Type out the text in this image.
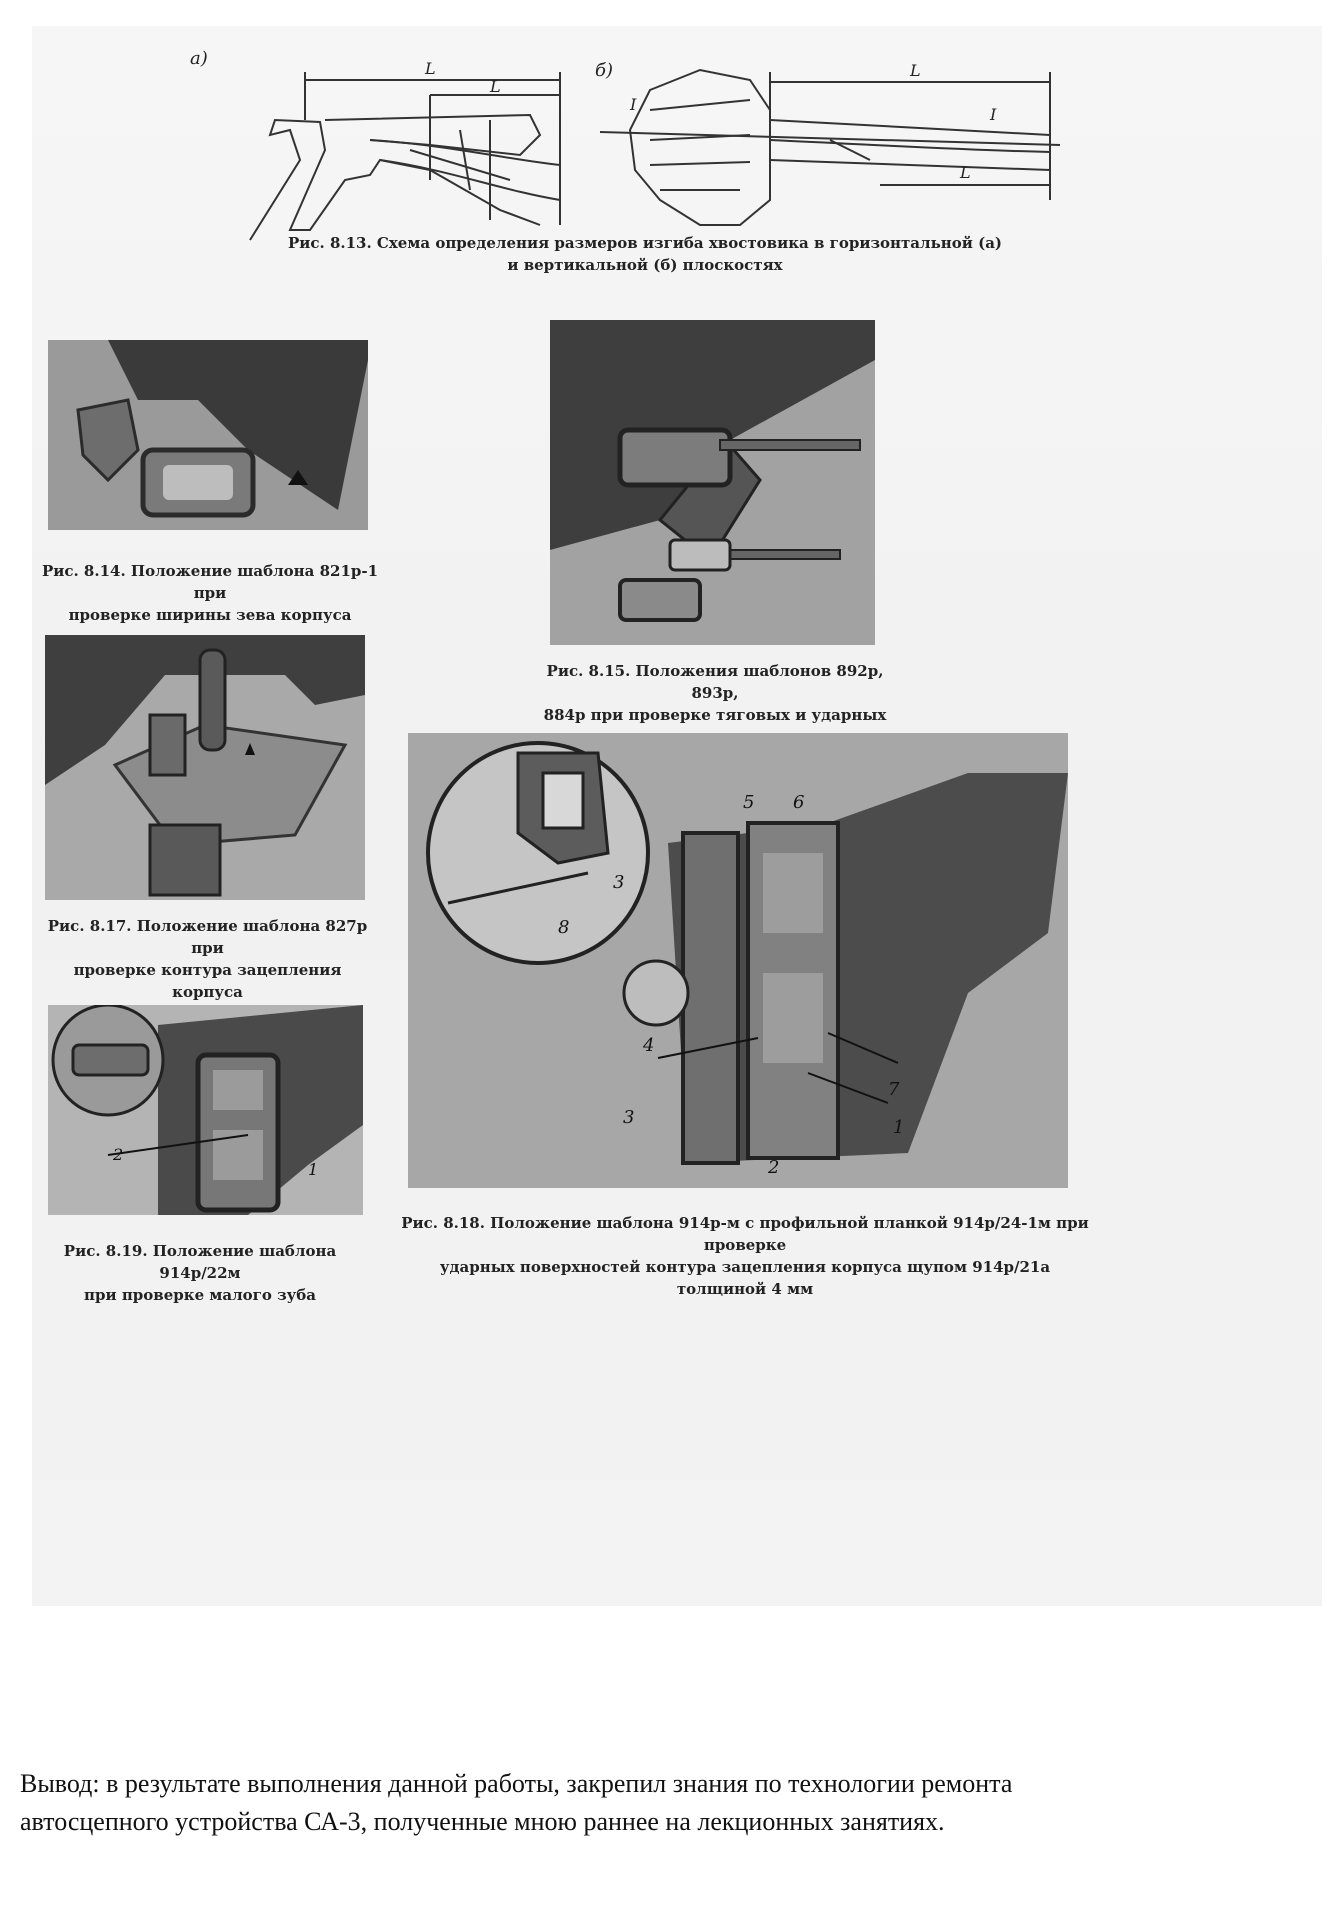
L
L
L
L
I
I
а)
б)
Рис. 8.13. Схема определения размеров изгиба хвостовика в горизонтальной (а)
и вертикальной (б) плоскостях
Рис. 8.14. Положение шаблона 821р-1 при
проверке ширины зева корпуса
Рис. 8.15. Положения шаблонов 892р, 893р,
884р при проверке тяговых и ударных
Рис. 8.17. Положение шаблона 827р при
проверке контура зацепления корпуса
2
1
Рис. 8.19. Положение шаблона 914р/22м
при проверке малого зуба
5 6
4
7
1
3
2
8
3
Рис. 8.18. Положение шаблона 914р-м с профильной планкой 914р/24-1м при проверке
ударных поверхностей контура зацепления корпуса щупом 914р/21а толщиной 4 мм

Вывод: в результате выполнения данной работы, закрепил знания по технологии ремонта

автосцепного устройства СА-3, полученные мною раннее на лекционных занятиях.
